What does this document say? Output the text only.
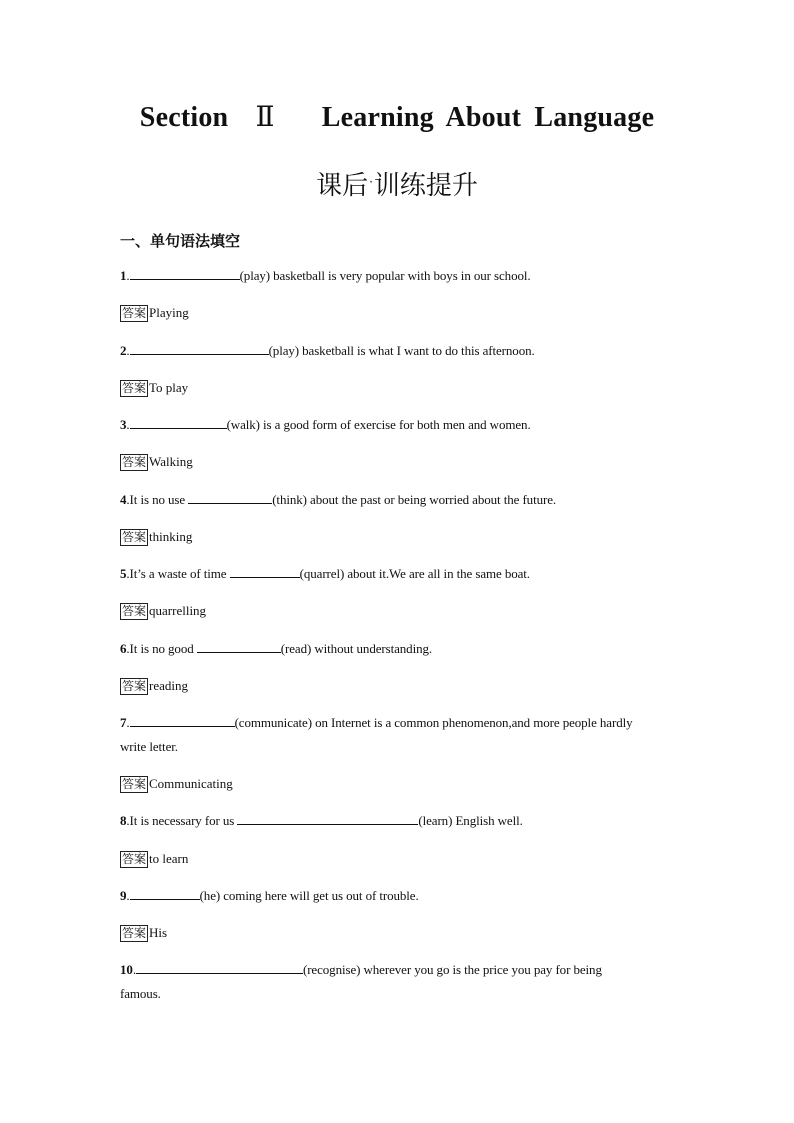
Section Ⅱ Learning About Language
课后·训练提升
一、单句语法填空
1.	(play) basketball is very popular with boys in our school.
答案 Playing
2.	(play) basketball is what I want to do this afternoon.
答案 To play
3.	(walk) is a good form of exercise for both men and women.
答案 Walking
4.It is no use	(think) about the past or being worried about the future.
答案 thinking
5.It’s a waste of time	(quarrel) about it.We are all in the same boat.
答案 quarrelling
6.It is no good	(read) without understanding.
答案 reading
7.	(communicate) on Internet is a common phenomenon,and more people hardly
write letter.
答案 Communicating
8.It is necessary for us	(learn) English well.
答案 to learn
9.	(he) coming here will get us out of trouble.
答案 His
10.	(recognise) wherever you go is the price you pay for being
famous.
